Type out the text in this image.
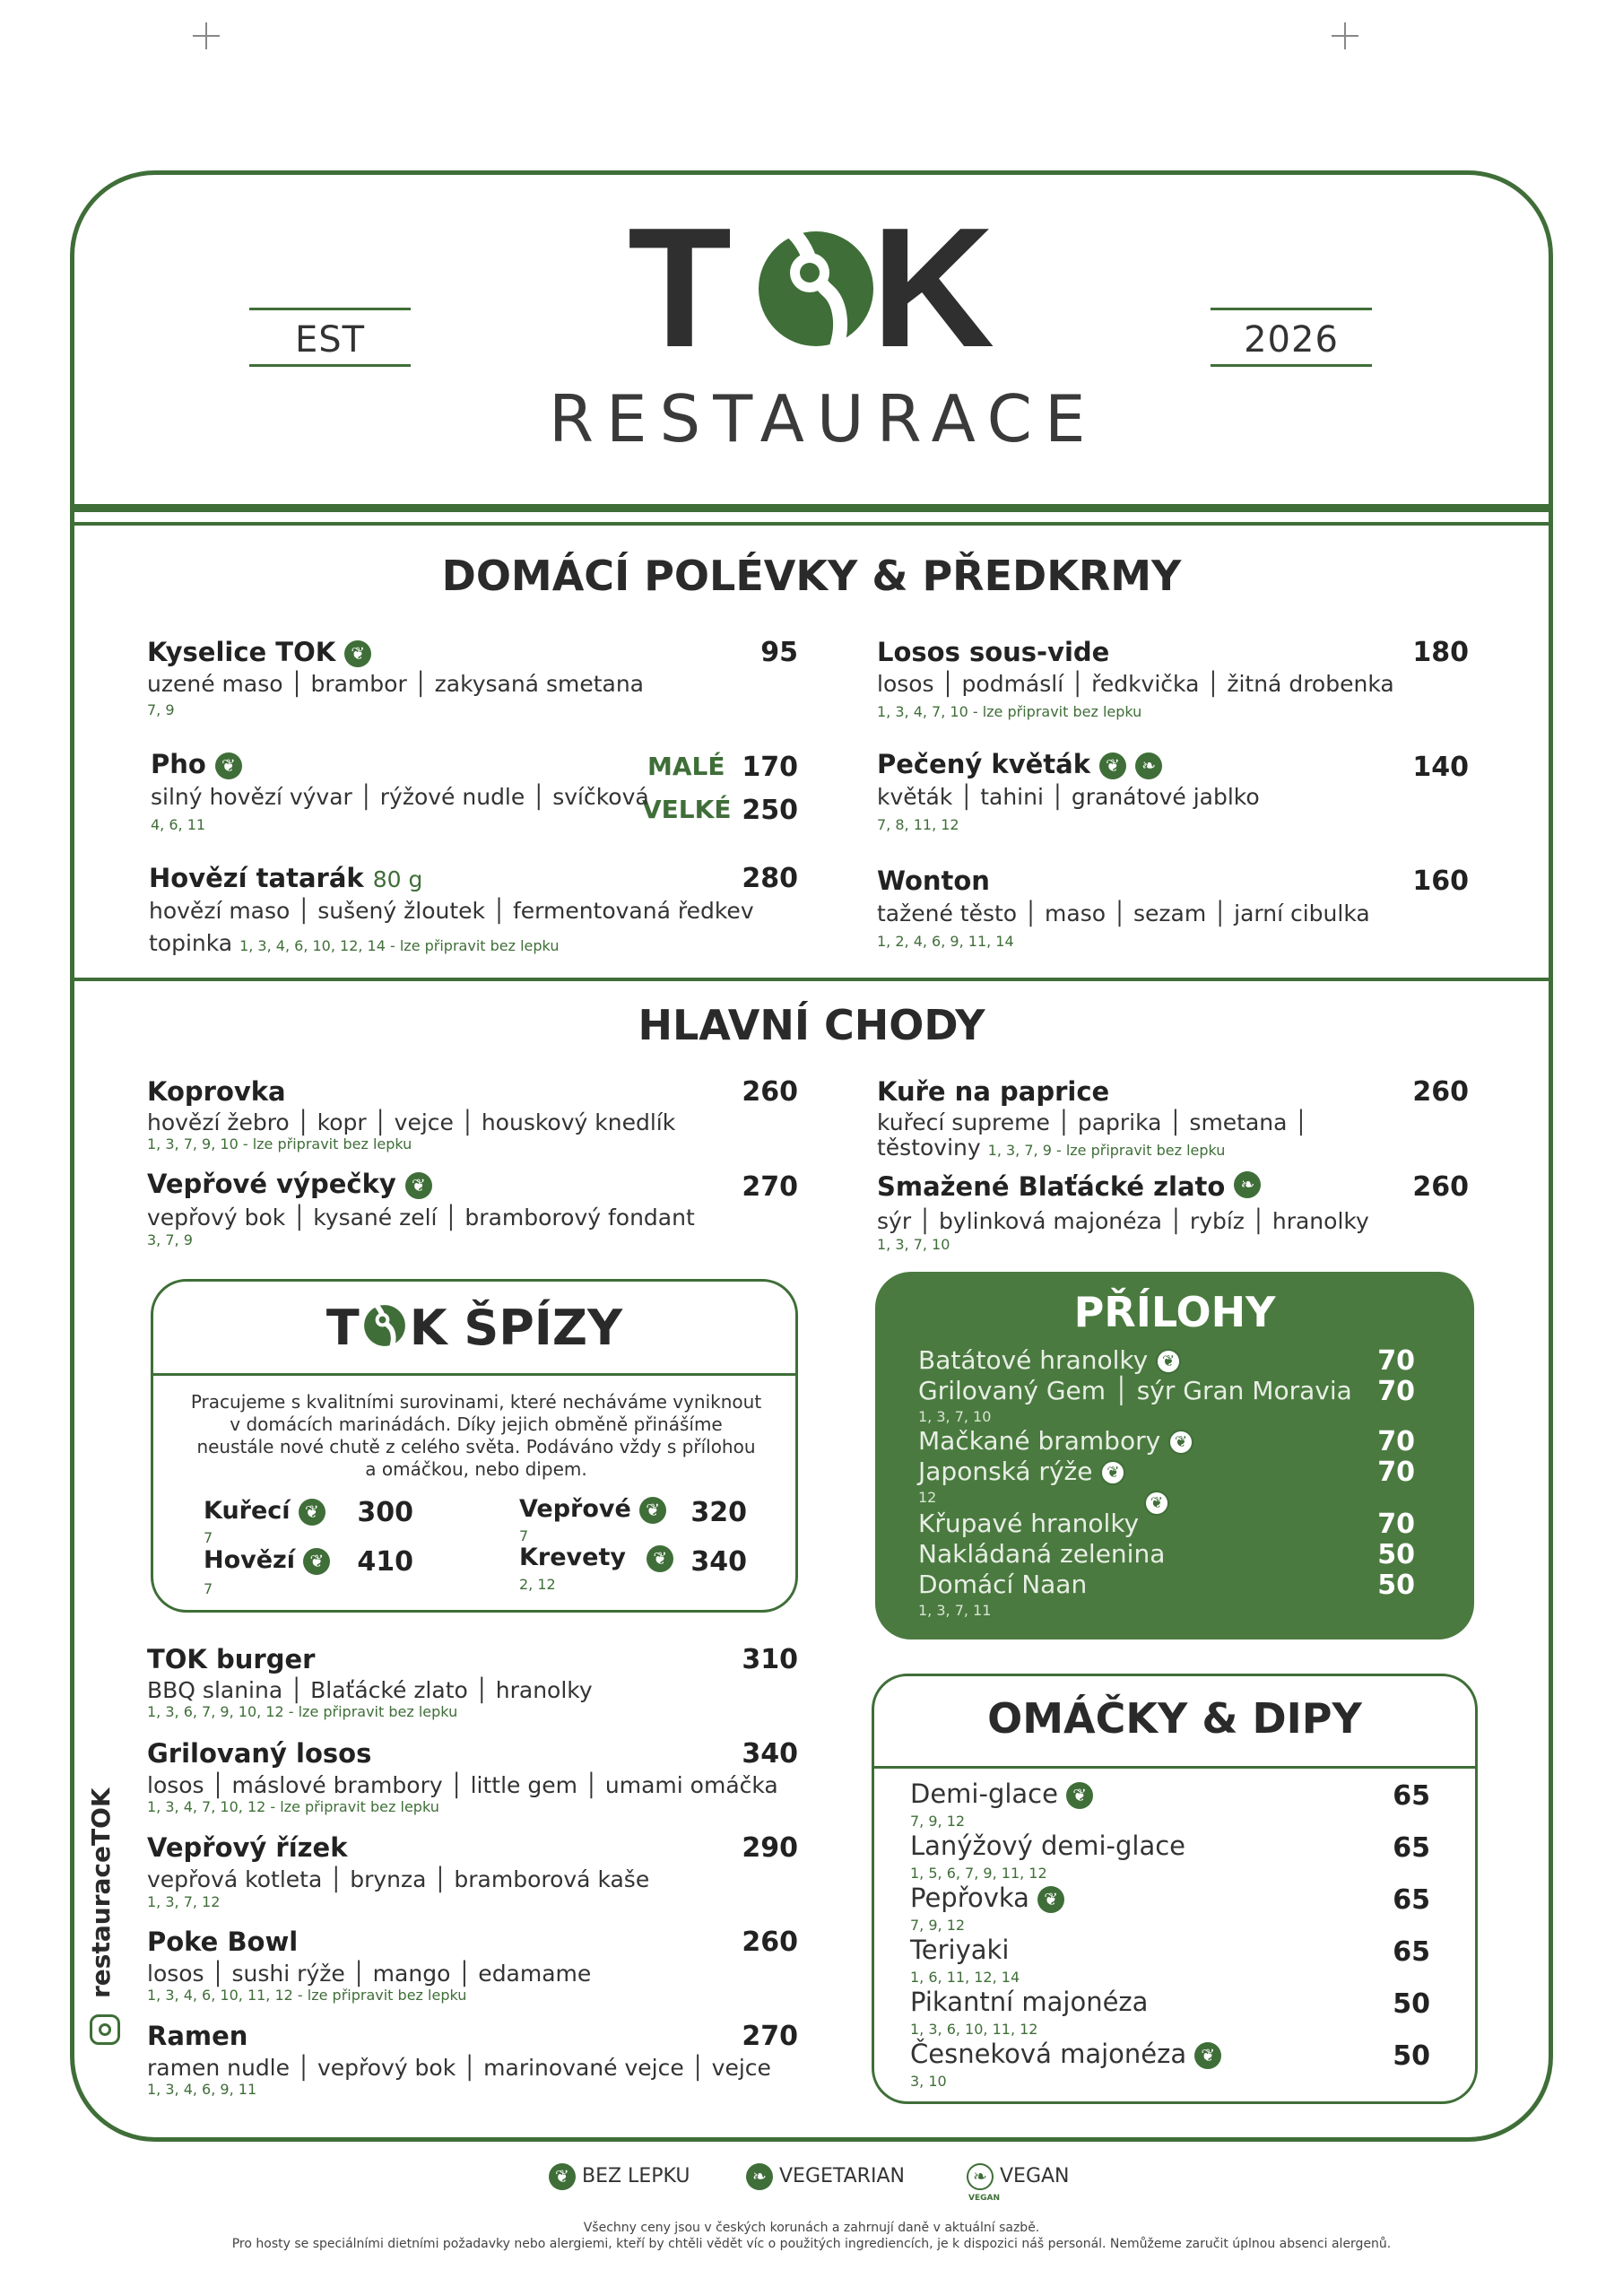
EST	2026
T K
RESTAURACE
DOMÁCÍ POLÉVKY & PŘEDKRMY
Kyselice TOK ❦	95
uzené maso │ brambor │ zakysaná smetana
7, 9
Pho ❦	MALÉ 170
VELKÉ 250
silný hovězí vývar │ rýžové nudle │ svíčková
4, 6, 11
Hovězí tatarák 80 g	280
hovězí maso │ sušený žloutek │ fermentovaná ředkev
topinka 1, 3, 4, 6, 10, 12, 14 - lze připravit bez lepku
Losos sous-vide	180
losos │ podmáslí │ ředkvička │ žitná drobenka
1, 3, 4, 7, 10 - lze připravit bez lepku
Pečený květák ❦ ❧	140
květák │ tahini │ granátové jablko
7, 8, 11, 12
Wonton	160
tažené těsto │ maso │ sezam │ jarní cibulka
1, 2, 4, 6, 9, 11, 14
HLAVNÍ CHODY
Koprovka	260
hovězí žebro │ kopr │ vejce │ houskový knedlík
1, 3, 7, 9, 10 - lze připravit bez lepku
Vepřové výpečky ❦	270
vepřový bok │ kysané zelí │ bramborový fondant
3, 7, 9
Kuře na paprice	260
kuřecí supreme │ paprika │ smetana │
těstoviny 1, 3, 7, 9 - lze připravit bez lepku
Smažené Blaťácké zlato ❧	260
sýr │ bylinková majonéza │ rybíz │ hranolky
1, 3, 7, 10
T K ŠPÍZY
Pracujeme s kvalitními surovinami, které necháváme vyniknout v domácích marinádách. Díky jejich obměně přinášíme neustále nové chutě z celého světa. Podáváno vždy s přílohou a omáčkou, nebo dipem.
Kuřecí ❦	300
7
Hovězí ❦	410
7
Vepřové ❦	320
7
Krevety ❦ 340
2, 12
PŘÍLOHY
Batátové hranolky ❦	70
Grilovaný Gem │ sýr Gran Moravia 70
1, 3, 7, 10
Mačkané brambory ❦	70
Japonská rýže ❦	70
12	❦
Křupavé hranolky	70
Nakládaná zelenina	50
Domácí Naan	50
1, 3, 7, 11
OMÁČKY & DIPY
Demi-glace ❦	65
7, 9, 12
Lanýžový demi-glace	65
1, 5, 6, 7, 9, 11, 12
Pepřovka ❦	65
7, 9, 12
Teriyaki	65
1, 6, 11, 12, 14
Pikantní majonéza	50
1, 3, 6, 10, 11, 12
Česneková majonéza ❦	50
3, 10
TOK burger	310
BBQ slanina │ Blaťácké zlato │ hranolky
1, 3, 6, 7, 9, 10, 12 - lze připravit bez lepku
Grilovaný losos	340
losos │ máslové brambory │ little gem │ umami omáčka
1, 3, 4, 7, 10, 12 - lze připravit bez lepku
Vepřový řízek	290
vepřová kotleta │ brynza │ bramborová kaše
1, 3, 7, 12
Poke Bowl	260
losos │ sushi rýže │ mango │ edamame
1, 3, 4, 6, 10, 11, 12 - lze připravit bez lepku
Ramen	270
ramen nudle │ vepřový bok │ marinované vejce │ vejce
1, 3, 4, 6, 9, 11
restauraceTOK
❦ BEZ LEPKU	❧ VEGETARIAN	❧ VEGAN
VEGAN
Všechny ceny jsou v českých korunách a zahrnují daně v aktuální sazbě.
Pro hosty se speciálními dietními požadavky nebo alergiemi, kteří by chtěli vědět víc o použitých ingrediencích, je k dispozici náš personál. Nemůžeme zaručit úplnou absenci alergenů.
